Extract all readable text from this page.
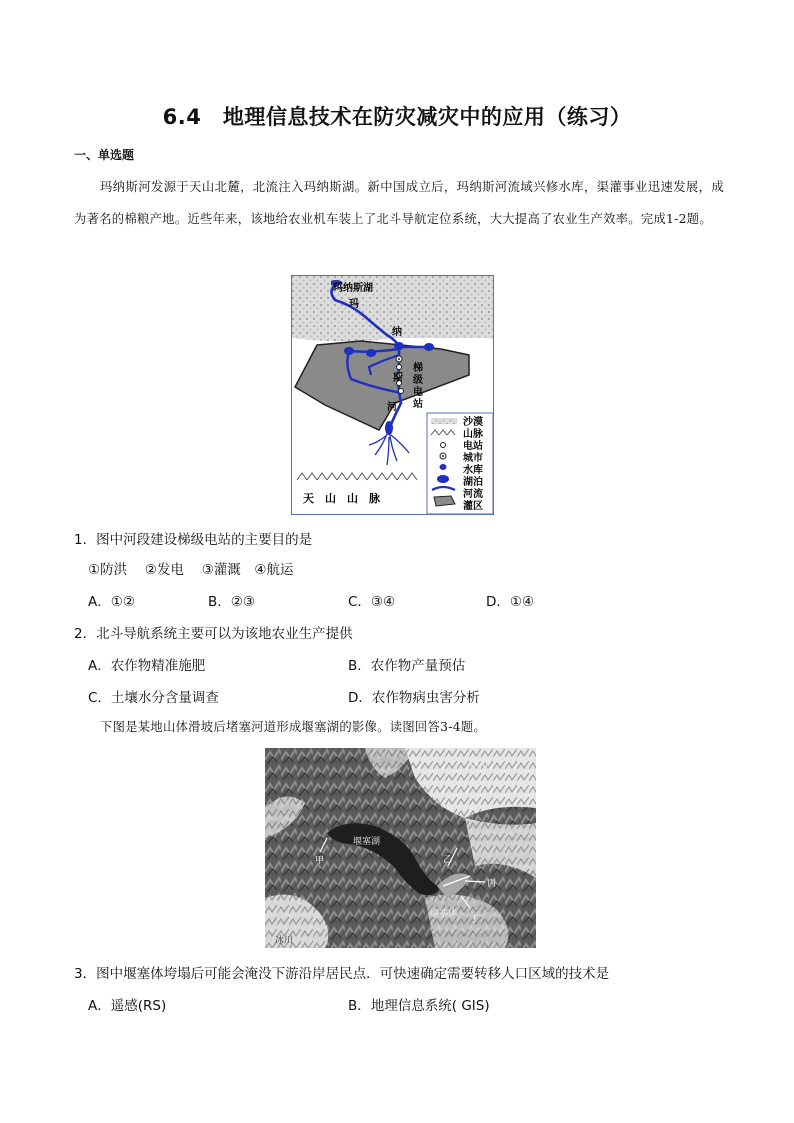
6.4　地理信息技术在防灾减灾中的应用（练习）
一、单选题
玛纳斯河发源于天山北麓，北流注入玛纳斯湖。新中国成立后，玛纳斯河流域兴修水库，渠灌事业迅速发展，成为著名的棉粮产地。近些年来，该地给农业机车装上了北斗导航定位系统，大大提高了农业生产效率。完成1-2题。
玛纳斯湖
玛
纳
斯
河
梯
级
电
站
天　山　山　脉
沙漠
山脉
电站
城市
水库
湖泊
河流
灌区
1．图中河段建设梯级电站的主要目的是
①防洪　 ②发电　 ③灌溉　④航运
A．①②	B．②③	C．③④	D．①④
2．北斗导航系统主要可以为该地农业生产提供
A．农作物精准施肥	B．农作物产量预估
C．土壤水分含量调查	D．农作物病虫害分析
下图是某地山体滑坡后堵塞河道形成堰塞湖的影像。读图回答3-4题。
冰川
堰塞湖
甲	乙
丙
堰塞体
丁
冰川
3．图中堰塞体垮塌后可能会淹没下游沿岸居民点．可快速确定需要转移人口区域的技术是
A．遥感(RS)	B．地理信息系统( GIS)
